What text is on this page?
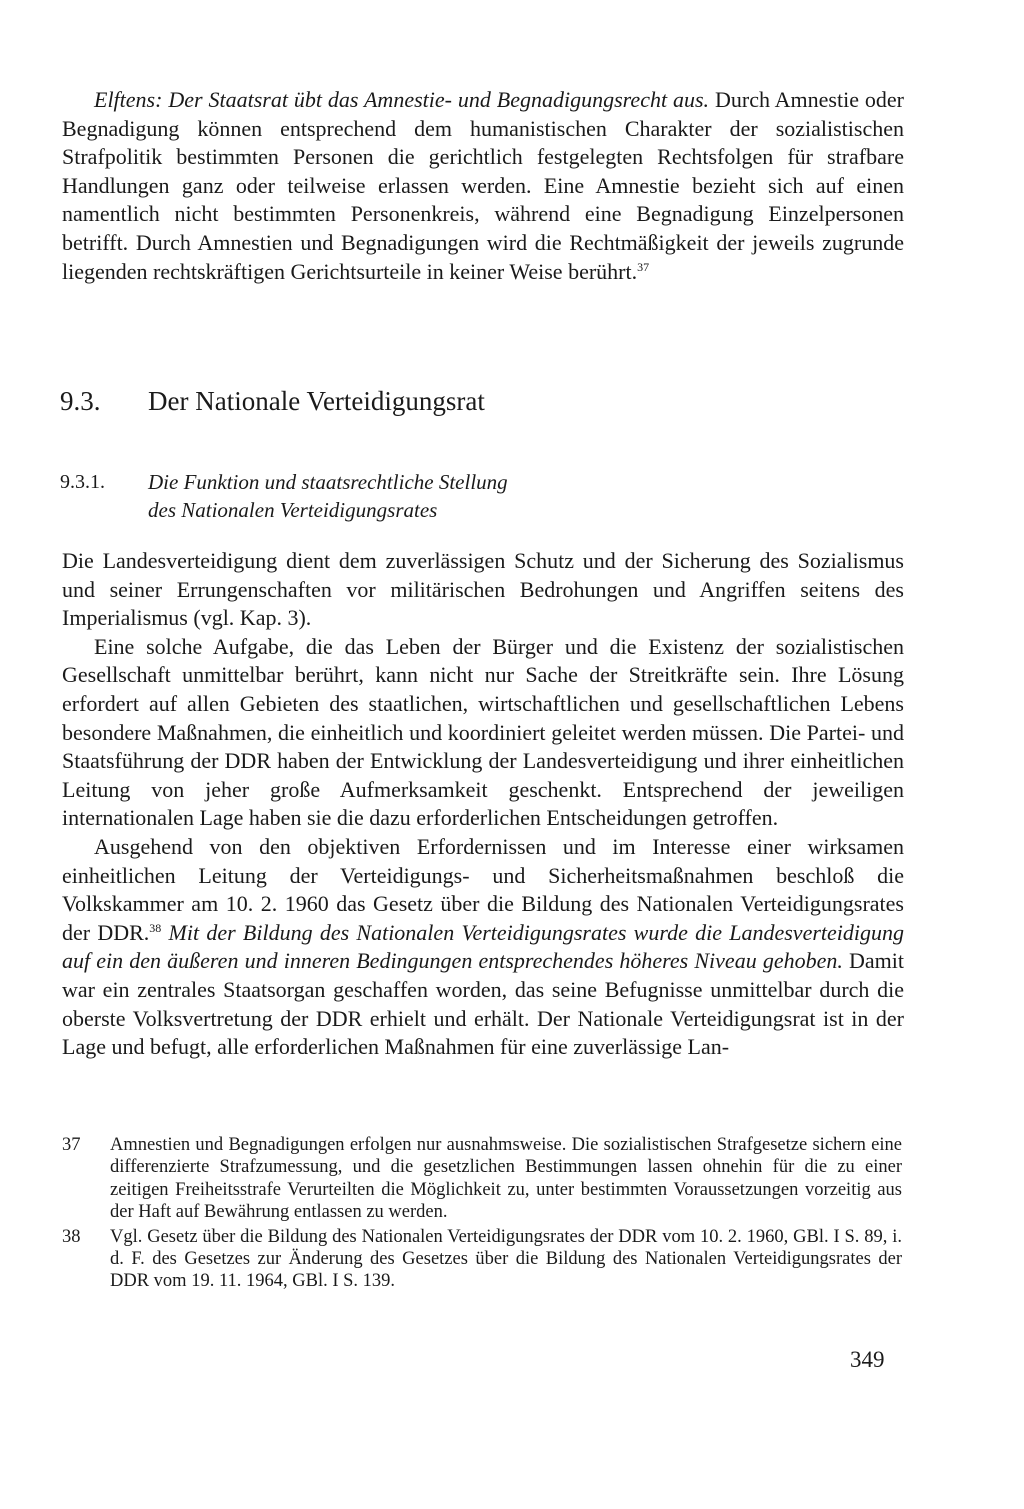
Elftens: Der Staatsrat übt das Amnestie- und Begnadigungsrecht aus. Durch Amnestie oder Begnadigung können entsprechend dem humanistischen Charakter der sozialistischen Strafpolitik bestimmten Personen die gerichtlich festgelegten Rechtsfolgen für strafbare Handlungen ganz oder teilweise erlassen werden. Eine Amnestie bezieht sich auf einen namentlich nicht bestimmten Personenkreis, während eine Begnadigung Einzelpersonen betrifft. Durch Amnestien und Begnadigungen wird die Rechtmäßigkeit der jeweils zugrunde liegenden rechtskräftigen Gerichtsurteile in keiner Weise berührt.$^{37}$

9.3. Der Nationale Verteidigungsrat
9.3.1. Die Funktion und staatsrechtliche Stellung
des Nationalen Verteidigungsrates

Die Landesverteidigung dient dem zuverlässigen Schutz und der Sicherung des Sozialismus und seiner Errungenschaften vor militärischen Bedrohungen und Angriffen seitens des Imperialismus (vgl. Kap. 3).

Eine solche Aufgabe, die das Leben der Bürger und die Existenz der sozialistischen Gesellschaft unmittelbar berührt, kann nicht nur Sache der Streitkräfte sein. Ihre Lösung erfordert auf allen Gebieten des staatlichen, wirtschaftlichen und gesellschaftlichen Lebens besondere Maßnahmen, die einheitlich und koordiniert geleitet werden müssen. Die Partei- und Staatsführung der DDR haben der Entwicklung der Landesverteidigung und ihrer einheitlichen Leitung von jeher große Aufmerksamkeit geschenkt. Entsprechend der jeweiligen internationalen Lage haben sie die dazu erforderlichen Entscheidungen getroffen.

Ausgehend von den objektiven Erfordernissen und im Interesse einer wirksamen einheitlichen Leitung der Verteidigungs- und Sicherheitsmaßnahmen beschloß die Volkskammer am 10. 2. 1960 das Gesetz über die Bildung des Nationalen Verteidigungsrates der DDR.$^{38}$ Mit der Bildung des Nationalen Verteidigungsrates wurde die Landesverteidigung auf ein den äußeren und inneren Bedingungen entsprechendes höheres Niveau gehoben. Damit war ein zentrales Staatsorgan geschaffen worden, das seine Befugnisse unmittelbar durch die oberste Volksvertretung der DDR erhielt und erhält. Der Nationale Verteidigungsrat ist in der Lage und befugt, alle erforderlichen Maßnahmen für eine zuverlässige Lan-

37 Amnestien und Begnadigungen erfolgen nur ausnahmsweise. Die sozialistischen Strafgesetze sichern eine differenzierte Strafzumessung, und die gesetzlichen Bestimmungen lassen ohnehin für die zu einer zeitigen Freiheitsstrafe Verurteilten die Möglichkeit zu, unter bestimmten Voraussetzungen vorzeitig aus der Haft auf Bewährung entlassen zu werden.

38 Vgl. Gesetz über die Bildung des Nationalen Verteidigungsrates der DDR vom 10. 2. 1960, GBl. I S. 89, i. d. F. des Gesetzes zur Änderung des Gesetzes über die Bildung des Nationalen Verteidigungsrates der DDR vom 19. 11. 1964, GBl. I S. 139.

349
